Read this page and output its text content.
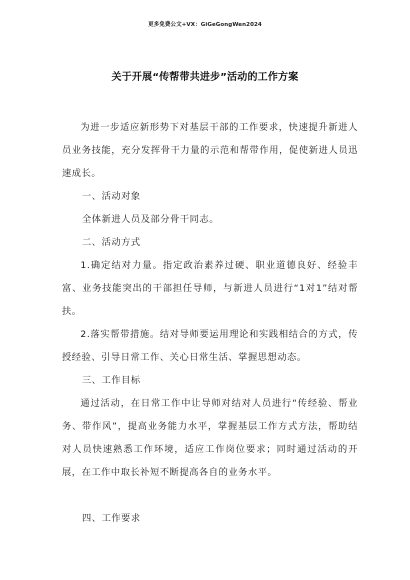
更多免费公文+VX：GiGeGongWen2024
关于开展“传帮带共进步”活动的工作方案

为进一步适应新形势下对基层干部的工作要求，快速提升新进人员业务技能，充分发挥骨干力量的示范和帮带作用，促使新进人员迅速成长。

一、活动对象
全体新进人员及部分骨干同志。
二、活动方式

1.确定结对力量。指定政治素养过硬、职业道德良好、经验丰富、业务技能突出的干部担任导师，与新进人员进行“1对1”结对帮扶。

2.落实帮带措施。结对导师要运用理论和实践相结合的方式，传授经验、引导日常工作、关心日常生活、掌握思想动态。

三、工作目标

通过活动，在日常工作中让导师对结对人员进行“传经验、帮业务、带作风”，提高业务能力水平，掌握基层工作方式方法，帮助结对人员快速熟悉工作环境，适应工作岗位要求；同时通过活动的开展，在工作中取长补短不断提高各自的业务水平。

四、工作要求
